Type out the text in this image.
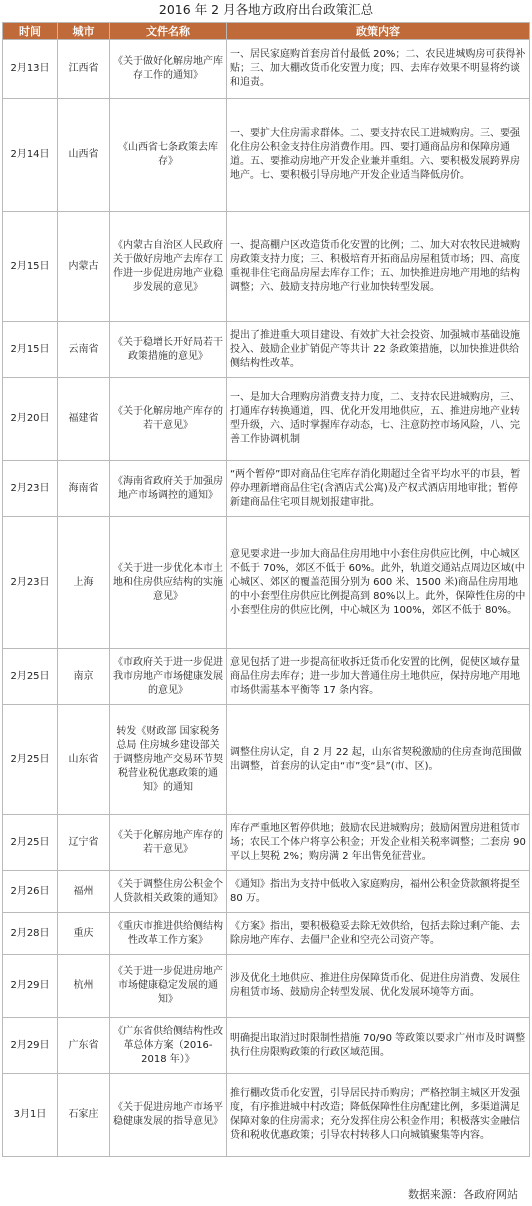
2016 年 2 月各地方政府出台政策汇总
时间	城市	文件名称	政策内容
2月13日	江西省	《关于做好化解房地产库存工作的通知》	一、居民家庭购首套房首付最低 20%；二、农民进城购房可获得补贴；三、加大棚改货币化安置力度；四、去库存效果不明显将约谈和追责。
2月14日	山西省	《山西省七条政策去库存》	一、要扩大住房需求群体。二、要支持农民工进城购房。三、要强化住房公积金支持住房消费作用。四、要打通商品房和保障房通道。五、要推动房地产开发企业兼并重组。六、要积极发展跨界房地产。七、要积极引导房地产开发企业适当降低房价。
2月15日	内蒙古	《内蒙古自治区人民政府关于做好房地产去库存工作进一步促进房地产业稳步发展的意见》	一、提高棚户区改造货币化安置的比例；二、加大对农牧民进城购房政策支持力度；三、积极培育开拓商品房屋租赁市场；四、高度重视非住宅商品房屋去库存工作；五、加快推进房地产用地的结构调整；六、鼓励支持房地产行业加快转型发展。
2月15日	云南省	《关于稳增长开好局若干政策措施的意见》	提出了推进重大项目建设、有效扩大社会投资、加强城市基础设施投入、鼓励企业扩销促产等共计 22 条政策措施，以加快推进供给侧结构性改革。
2月20日	福建省	《关于化解房地产库存的若干意见》	一、是加大合理购房消费支持力度，二、支持农民进城购房，三、打通库存转换通道，四、优化开发用地供应，五、推进房地产业转型升级，六、适时掌握库存动态，七、注意防控市场风险，八、完善工作协调机制
2月23日	海南省	《海南省政府关于加强房地产市场调控的通知》	“两个暂停”即对商品住宅库存消化期超过全省平均水平的市县，暂停办理新增商品住宅(含酒店式公寓)及产权式酒店用地审批；暂停新建商品住宅项目规划报建审批。
2月23日	上海	《关于进一步优化本市土地和住房供应结构的实施意见》	意见要求进一步加大商品住房用地中小套住房供应比例，中心城区不低于 70%，郊区不低于 60%。此外，轨道交通站点周边区域(中心城区、郊区的覆盖范围分别为 600 米、1500 米)商品住房用地的中小套型住房供应比例提高到 80%以上。此外，保障性住房的中小套型住房的供应比例，中心城区为 100%，郊区不低于 80%。
2月25日	南京	《市政府关于进一步促进我市房地产市场健康发展的意见》	意见包括了进一步提高征收拆迁货币化安置的比例，促使区域存量商品住房去库存；进一步加大普通住房土地供应，保持房地产用地市场供需基本平衡等 17 条内容。
2月25日	山东省	转发《财政部 国家税务总局 住房城乡建设部关于调整房地产交易环节契税营业税优惠政策的通知》的通知	调整住房认定，自 2 月 22 起，山东省契税激励的住房查询范围做出调整，首套房的认定由“市”变“县”(市、区)。
2月25日	辽宁省	《关于化解房地产库存的若干意见》	库存严重地区暂停供地；鼓励农民进城购房；鼓励闲置房进租赁市场；农民工个体户将享公积金；开发企业相关税率调整；二套房 90 平以上契税 2%；购房满 2 年出售免征营业。
2月26日	福州	《关于调整住房公积金个人贷款相关政策的通知》	《通知》指出为支持中低收入家庭购房，福州公积金贷款额将提至 80 万。
2月28日	重庆	《重庆市推进供给侧结构性改革工作方案》	《方案》指出，要积极稳妥去除无效供给，包括去除过剩产能、去除房地产库存、去僵尸企业和空壳公司资产等。
2月29日	杭州	《关于进一步促进房地产市场健康稳定发展的通知》	涉及优化土地供应、推进住房保障货币化、促进住房消费、发展住房租赁市场、鼓励房企转型发展、优化发展环境等方面。
2月29日	广东省	《广东省供给侧结构性改革总体方案（2016-2018 年）》	明确提出取消过时限制性措施 70/90 等政策以要求广州市及时调整执行住房限购政策的行政区域范围。
3月1日	石家庄	《关于促进房地产市场平稳健康发展的指导意见》	推行棚改货币化安置，引导居民持币购房；严格控制主城区开发强度，有序推进城中村改造；降低保障性住房配建比例，多渠道满足保障对象的住房需求；充分发挥住房公积金作用；积极落实金融信贷和税收优惠政策；引导农村转移人口向城镇聚集等内容。
数据来源：各政府网站
